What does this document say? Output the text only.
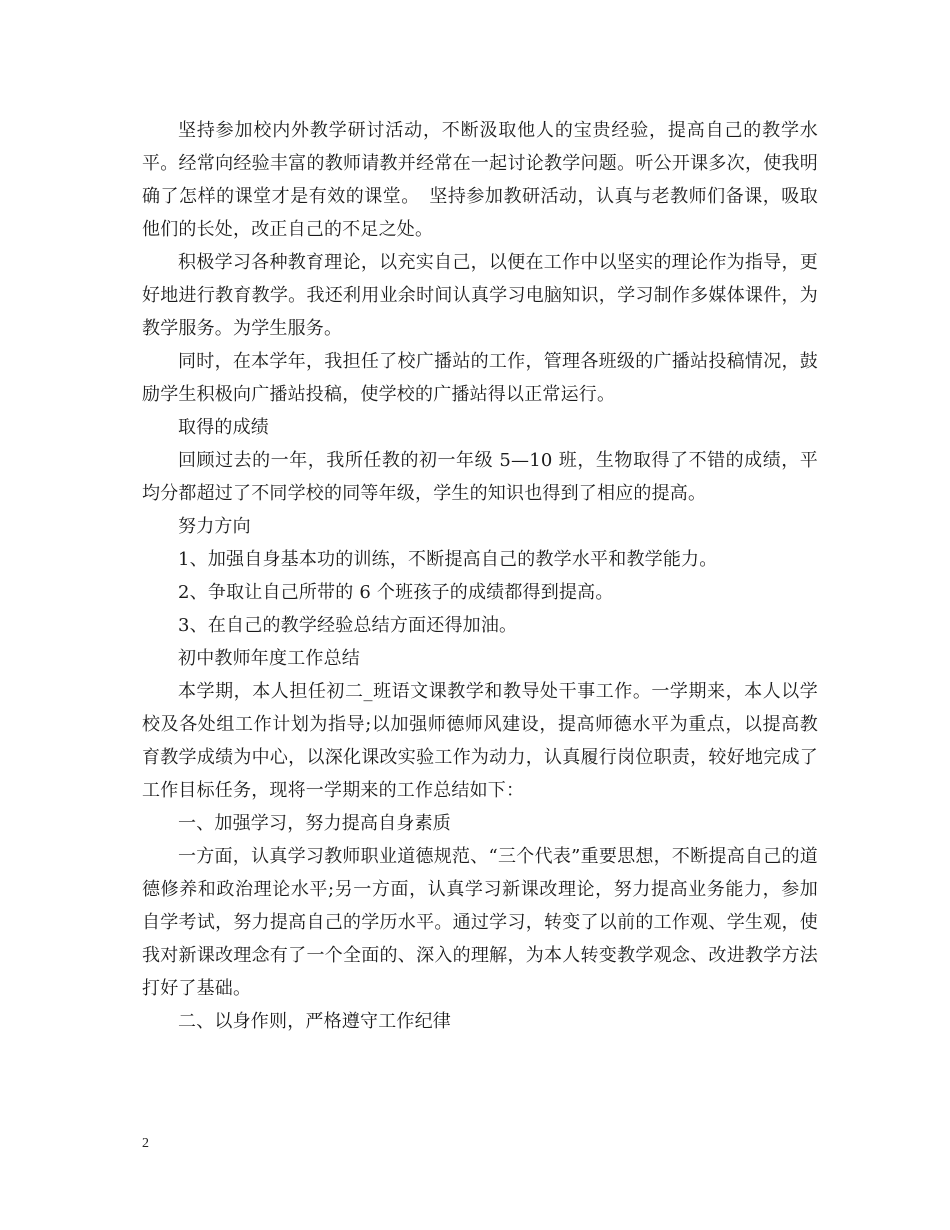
坚持参加校内外教学研讨活动，不断汲取他人的宝贵经验，提高自己的教学水平。经常向经验丰富的教师请教并经常在一起讨论教学问题。听公开课多次，使我明确了怎样的课堂才是有效的课堂。　坚持参加教研活动，认真与老教师们备课，吸取他们的长处，改正自己的不足之处。

积极学习各种教育理论，以充实自己，以便在工作中以坚实的理论作为指导，更好地进行教育教学。我还利用业余时间认真学习电脑知识，学习制作多媒体课件，为教学服务。为学生服务。

同时，在本学年，我担任了校广播站的工作，管理各班级的广播站投稿情况，鼓励学生积极向广播站投稿，使学校的广播站得以正常运行。

取得的成绩

回顾过去的一年，我所任教的初一年级 5—10 班，生物取得了不错的成绩，平均分都超过了不同学校的同等年级，学生的知识也得到了相应的提高。

努力方向

1、加强自身基本功的训练，不断提高自己的教学水平和教学能力。

2、争取让自己所带的 6 个班孩子的成绩都得到提高。

3、在自己的教学经验总结方面还得加油。

初中教师年度工作总结

本学期，本人担任初二_班语文课教学和教导处干事工作。一学期来，本人以学校及各处组工作计划为指导;以加强师德师风建设，提高师德水平为重点，以提高教育教学成绩为中心，以深化课改实验工作为动力，认真履行岗位职责，较好地完成了工作目标任务，现将一学期来的工作总结如下：

一、加强学习，努力提高自身素质

一方面，认真学习教师职业道德规范、“三个代表”重要思想，不断提高自己的道德修养和政治理论水平;另一方面，认真学习新课改理论，努力提高业务能力，参加自学考试，努力提高自己的学历水平。通过学习，转变了以前的工作观、学生观，使我对新课改理念有了一个全面的、深入的理解，为本人转变教学观念、改进教学方法打好了基础。

二、以身作则，严格遵守工作纪律

2
